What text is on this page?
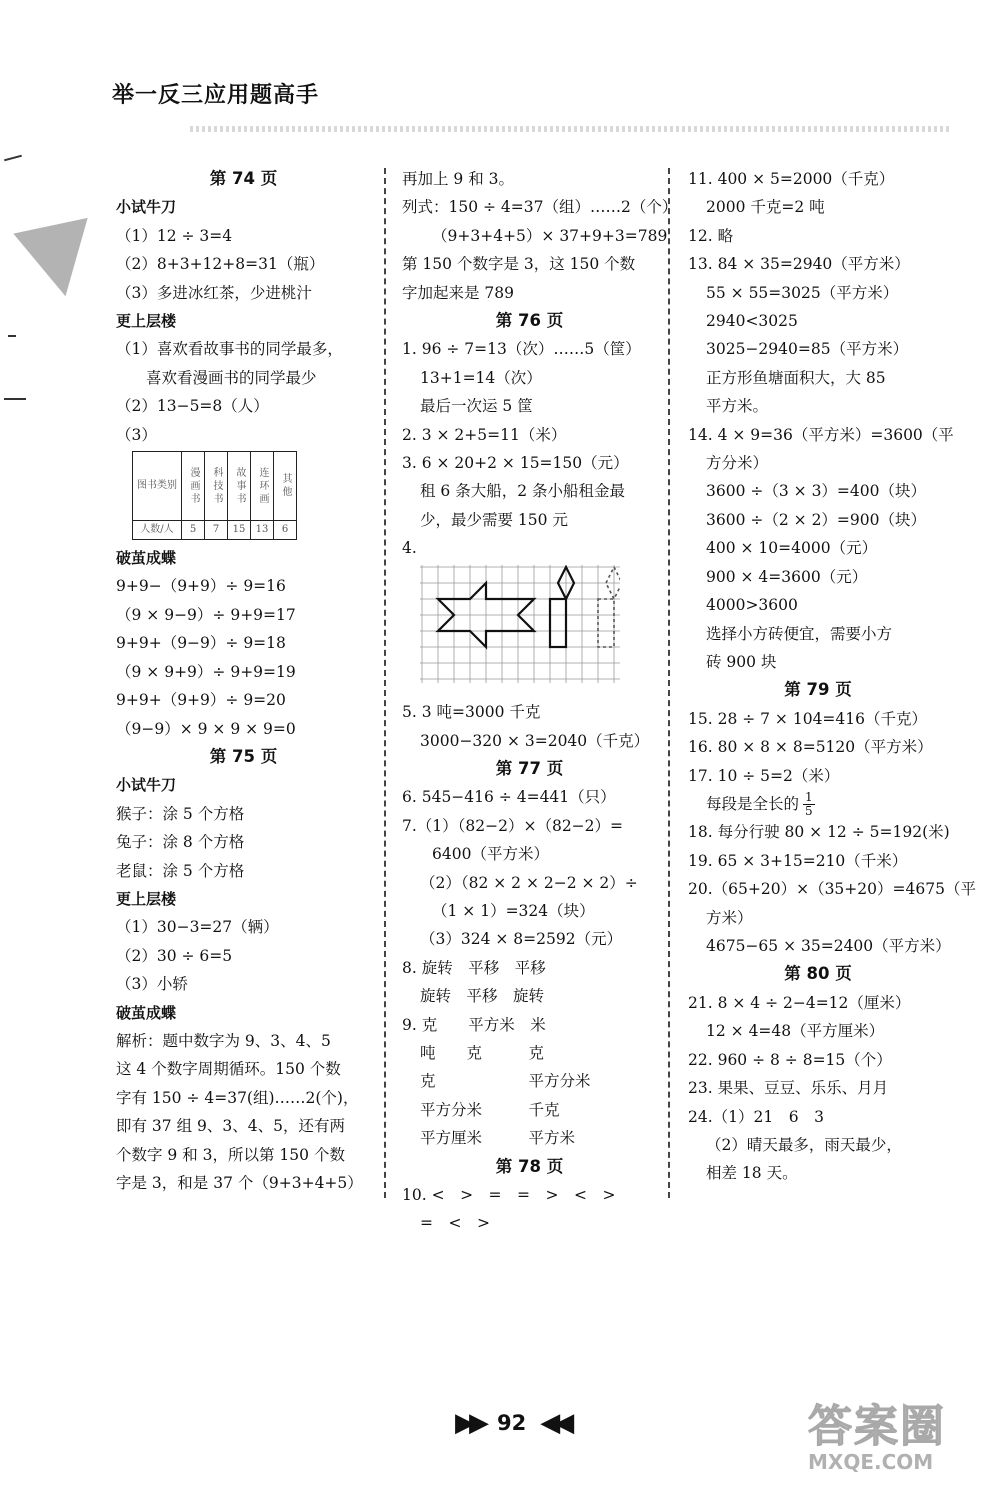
举一反三应用题高手
第 74 页
小试牛刀
（1）12 ÷ 3=4
（2）8+3+12+8=31（瓶）
（3）多进冰红茶，少进桃汁
更上层楼
（1）喜欢看故事书的同学最多，
喜欢看漫画书的同学最少
（2）13−5=8（人）
（3）
图书类别	漫画书	科技书	故事书	连环画	其他
人数/人	5	7	15	13	6
破茧成蝶
9+9−（9+9）÷ 9=16
（9 × 9−9）÷ 9+9=17
9+9+（9−9）÷ 9=18
（9 × 9+9）÷ 9+9=19
9+9+（9+9）÷ 9=20
（9−9）× 9 × 9 × 9=0
第 75 页
小试牛刀
猴子：涂 5 个方格
兔子：涂 8 个方格
老鼠：涂 5 个方格
更上层楼
（1）30−3=27（辆）
（2）30 ÷ 6=5
（3）小轿
破茧成蝶
解析：题中数字为 9、3、4、5
这 4 个数字周期循环。150 个数
字有 150 ÷ 4=37(组)……2(个)，
即有 37 组 9、3、4、5，还有两
个数字 9 和 3，所以第 150 个数
字是 3，和是 37 个（9+3+4+5）
再加上 9 和 3。
列式：150 ÷ 4=37（组）……2（个）
（9+3+4+5）× 37+9+3=789
第 150 个数字是 3，这 150 个数
字加起来是 789
第 76 页
1. 96 ÷ 7=13（次）……5（筐）
13+1=14（次）
最后一次运 5 筐
2. 3 × 2+5=11（米）
3. 6 × 20+2 × 15=150（元）
租 6 条大船，2 条小船租金最
少，最少需要 150 元
4.
5. 3 吨=3000 千克
3000−320 × 3=2040（千克）
第 77 页
6. 545−416 ÷ 4=441（只）
7.（1）（82−2）×（82−2）=
6400（平方米）
（2）（82 × 2 × 2−2 × 2）÷
（1 × 1）=324（块）
（3）324 × 8=2592（元）
8. 旋转　平移　平移
旋转　平移　旋转
9. 克　　平方米　米
吨　　克　　　克
克　　　　　　平方分米
平方分米　　　千克
平方厘米　　　平方米
第 78 页
10. <　>　=　=　>　<　>
=　<　>
11. 400 × 5=2000（千克）
2000 千克=2 吨
12. 略
13. 84 × 35=2940（平方米）
55 × 55=3025（平方米）
2940<3025
3025−2940=85（平方米）
正方形鱼塘面积大，大 85
平方米。
14. 4 × 9=36（平方米）=3600（平
方分米）
3600 ÷（3 × 3）=400（块）
3600 ÷（2 × 2）=900（块）
400 × 10=4000（元）
900 × 4=3600（元）
4000>3600
选择小方砖便宜，需要小方
砖 900 块
第 79 页
15. 28 ÷ 7 × 104=416（千克）
16. 80 × 8 × 8=5120（平方米）
17. 10 ÷ 5=2（米）
每段是全长的 $\frac{1}{5}$
18. 每分行驶 80 × 12 ÷ 5=192(米)
19. 65 × 3+15=210（千米）
20.（65+20）×（35+20）=4675（平
方米）
4675−65 × 35=2400（平方米）
第 80 页
21. 8 × 4 ÷ 2−4=12（厘米）
12 × 4=48（平方厘米）
22. 960 ÷ 8 ÷ 8=15（个）
23. 果果、豆豆、乐乐、月月
24.（1）21　6　3
（2）晴天最多，雨天最少，
相差 18 天。
▶▶ 92 ◀◀	答案圈
MXQE.COM
